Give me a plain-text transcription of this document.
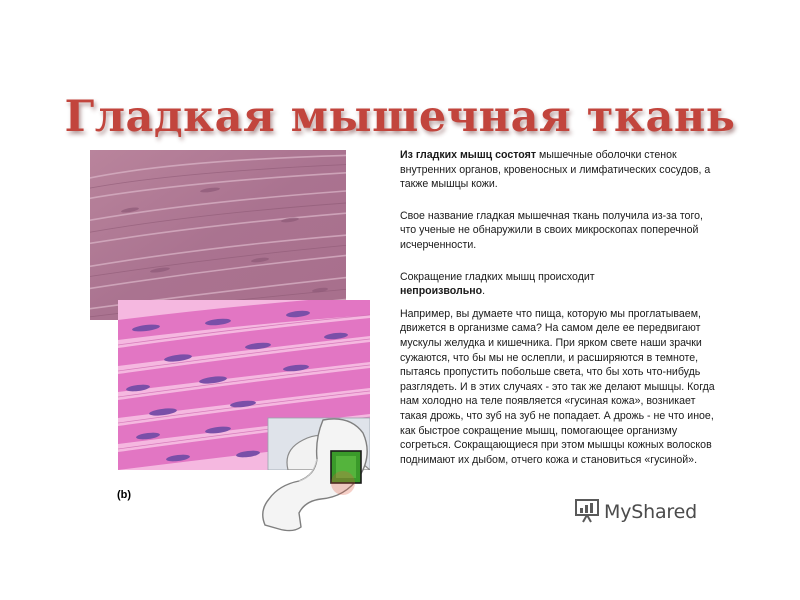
Гладкая мышечная ткань
(b)

Из гладких мышц состоят мышечные оболочки стенок внутренних органов, кровеносных и лимфатических сосудов, а также мышцы кожи.

Свое название гладкая мышечная ткань получила из-за того, что ученые не обнаружили в своих микроскопах поперечной исчерченности.

Сокращение гладких мышц происходит
непроизвольно.

Например, вы думаете что пища, которую мы проглатываем, движется в организме сама? На самом деле ее передвигают мускулы желудка и кишечника. При ярком свете наши зрачки сужаются, что бы мы не ослепли, и расширяются в темноте, пытаясь пропустить побольше света, что бы хоть что-нибудь разглядеть. И в этих случаях - это так же делают мышцы. Когда нам холодно на теле появляется «гусиная кожа», возникает такая дрожь, что зуб на зуб не попадает. А дрожь - не что иное, как быстрое сокращение мышц, помогающее организму согреться. Сокращающиеся при этом мышцы кожных волосков поднимают их дыбом, отчего кожа и становиться «гусиной».

MyShared
